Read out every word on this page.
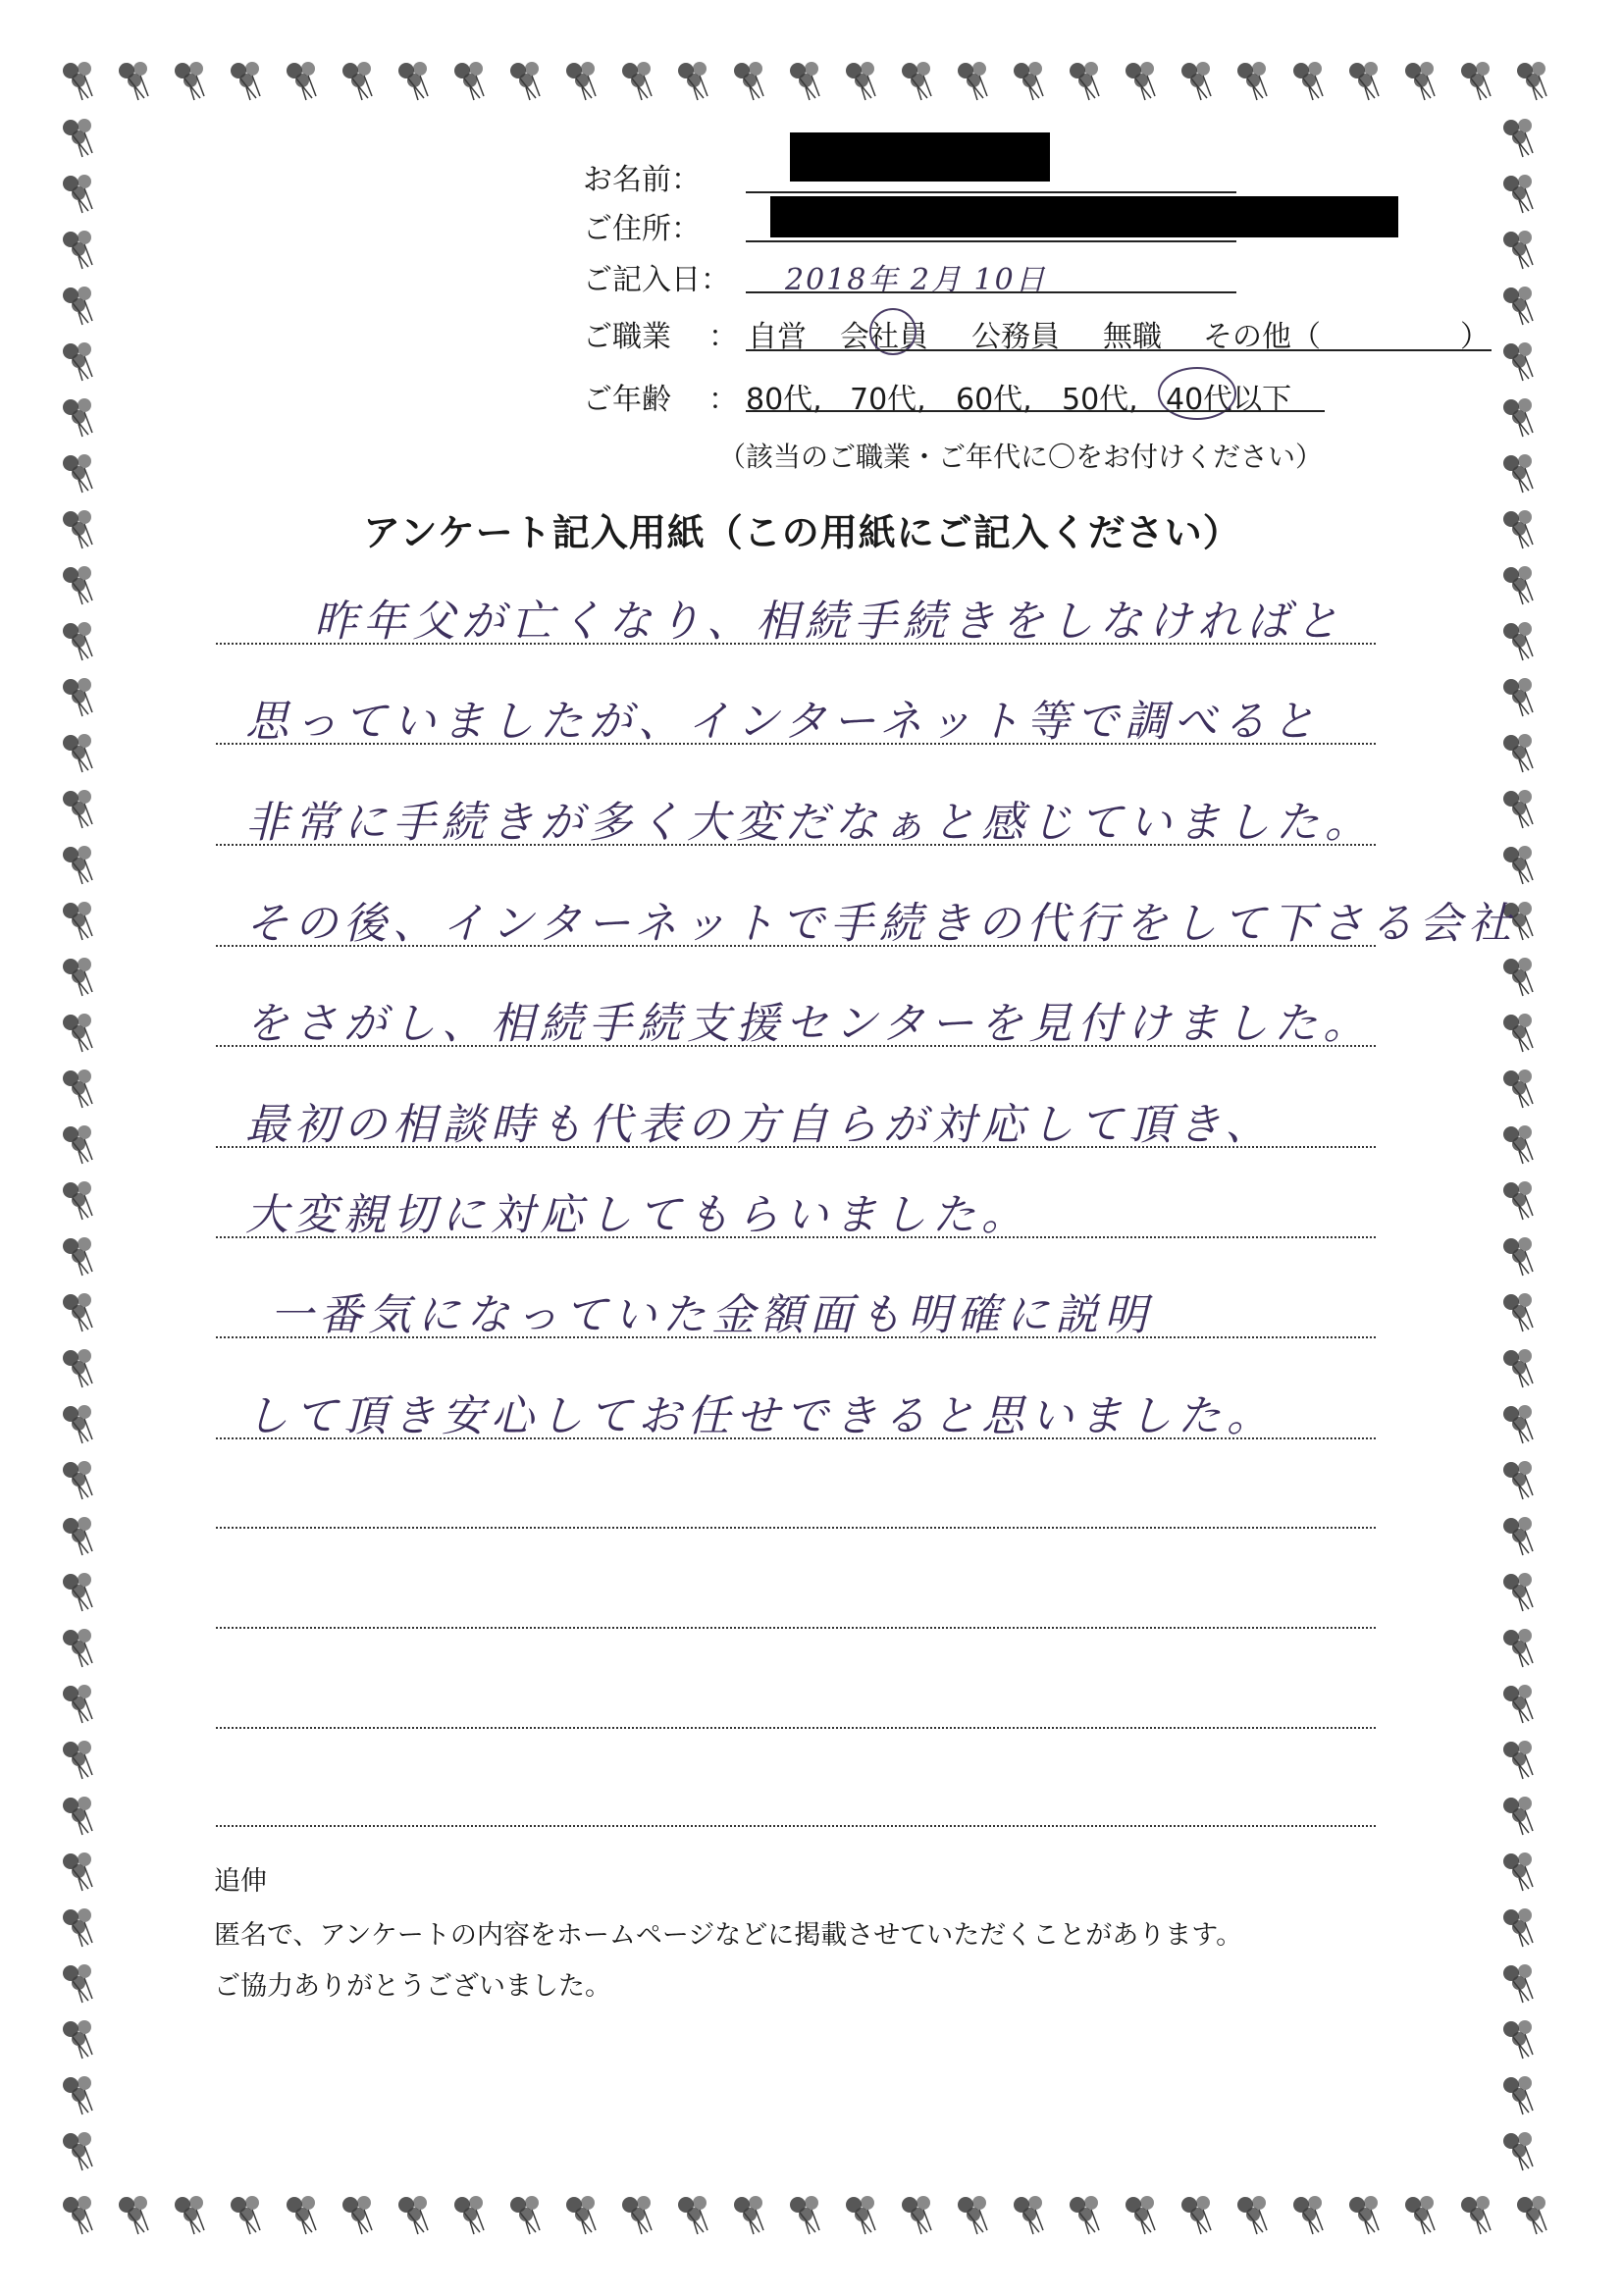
お名前：
ご住所：
ご記入日： 2018年 2月 10日
ご職業 ： 自営 会社員 公務員 無職 その他（	）
ご年齢 ： 80代, 70代, 60代, 50代, 40代以下
（該当のご職業・ご年代に〇をお付けください）
アンケート記入用紙（この用紙にご記入ください）
昨年父が亡くなり、相続手続きをしなければと
思っていましたが、インターネット等で調べると
非常に手続きが多く大変だなぁと感じていました。
その後、インターネットで手続きの代行をして下さる会社
をさがし、相続手続支援センターを見付けました。
最初の相談時も代表の方自らが対応して頂き、
大変親切に対応してもらいました。
一番気になっていた金額面も明確に説明
して頂き安心してお任せできると思いました。
追伸
匿名で、アンケートの内容をホームページなどに掲載させていただくことがあります。
ご協力ありがとうございました。
